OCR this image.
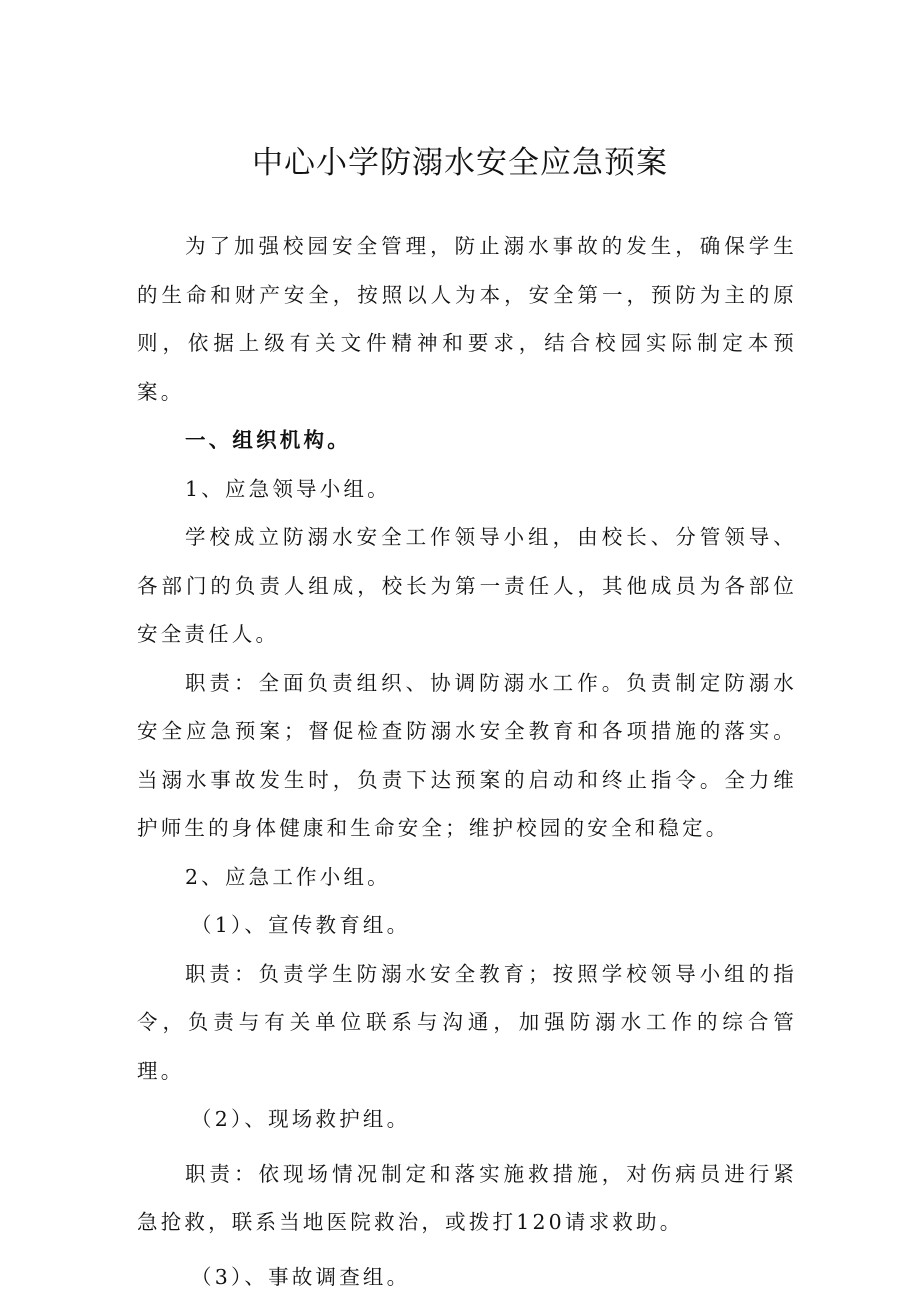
中心小学防溺水安全应急预案

为了加强校园安全管理，防止溺水事故的发生，确保学生的生命和财产安全，按照以人为本，安全第一，预防为主的原则，依据上级有关文件精神和要求，结合校园实际制定本预案。

一、组织机构。

1、应急领导小组。

学校成立防溺水安全工作领导小组，由校长、分管领导、各部门的负责人组成，校长为第一责任人，其他成员为各部位安全责任人。

职责：全面负责组织、协调防溺水工作。负责制定防溺水安全应急预案；督促检查防溺水安全教育和各项措施的落实。当溺水事故发生时，负责下达预案的启动和终止指令。全力维护师生的身体健康和生命安全；维护校园的安全和稳定。

2、应急工作小组。

（1）、宣传教育组。

职责：负责学生防溺水安全教育；按照学校领导小组的指令，负责与有关单位联系与沟通，加强防溺水工作的综合管理。

（2）、现场救护组。

职责：依现场情况制定和落实施救措施，对伤病员进行紧急抢救，联系当地医院救治，或拨打120请求救助。

（3）、事故调查组。
